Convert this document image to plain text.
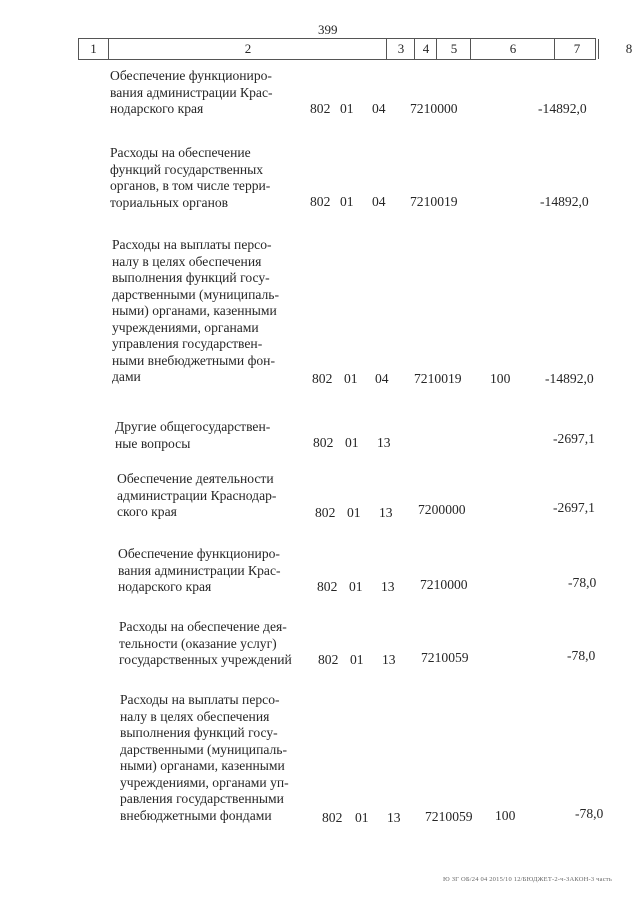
399
1	2	3	4	5	6	7	8
Обеспечение функциониро-
вания администрации Крас-
нодарского края	802 01 04 7210000	-14892,0
Расходы на обеспечение
функций государственных
органов, в том числе терри-
ториальных органов	802 01 04 7210019	-14892,0
Расходы на выплаты персо-
налу в целях обеспечения
выполнения функций госу-
дарственными (муниципаль-
ными) органами, казенными
учреждениями, органами
управления государствен-
ными внебюджетными фон-
дами	802 01 04 7210019 100	-14892,0
Другие общегосударствен-
ные вопросы	802 01 13	-2697,1
Обеспечение деятельности
администрации Краснодар-
ского края	802 01 13 7200000	-2697,1
Обеспечение функциониро-
вания администрации Крас-
нодарского края	802 01 13 7210000	-78,0
Расходы на обеспечение дея-
тельности (оказание услуг)
государственных учреждений	802 01 13 7210059	-78,0
Расходы на выплаты персо-
налу в целях обеспечения
выполнения функций госу-
дарственными (муниципаль-
ными) органами, казенными
учреждениями, органами уп-
равления государственными
внебюджетными фондами	802 01 13 7210059 100	-78,0
Ю ЗГ ОБ/24 04 2015/10 12/БЮДЖЕТ-2-ч-ЗАКОН-3 часть
